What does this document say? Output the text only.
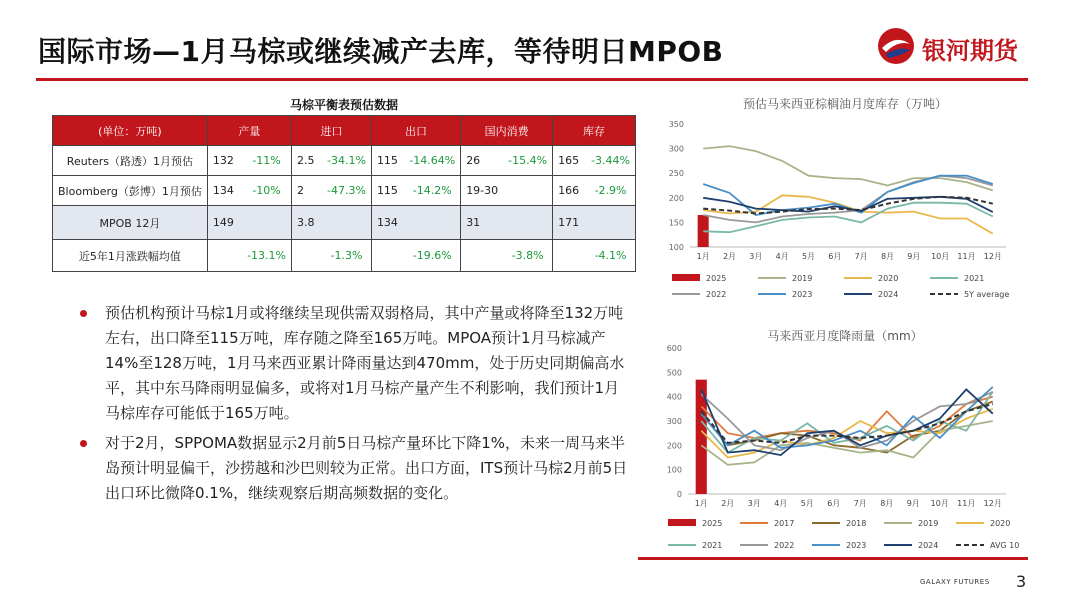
国际市场—1月马棕或继续减产去库，等待明日MPOB	银河期货
马棕平衡表预估数据
(单位：万吨)	产量		进口		出口		国内消费		库存	
Reuters（路透）1月预估	132	-11%	2.5	-34.1%	115	-14.64%	26	-15.4%	165	-3.44%
Bloomberg（彭博）1月预估	134	-10%	2	-47.3%	115	-14.2%	19-30		166	-2.9%
MPOB 12月	149		3.8		134		31		171	
近5年1月涨跌幅均值		-13.1%		-1.3%		-19.6%		-3.8%		-4.1%
预估机构预计马棕1月或将继续呈现供需双弱格局，其中产量或将降至132万吨左右，出口降至115万吨，库存随之降至165万吨。MPOA预计1月马棕减产14%至128万吨，1月马来西亚累计降雨量达到470mm，处于历史同期偏高水平，其中东马降雨明显偏多，或将对1月马棕产量产生不利影响，我们预计1月马棕库存可能低于165万吨。
对于2月，SPPOMA数据显示2月前5日马棕产量环比下降1%，未来一周马来半岛预计明显偏干，沙捞越和沙巴则较为正常。出口方面，ITS预计马棕2月前5日出口环比微降0.1%，继续观察后期高频数据的变化。
预估马来西亚棕榈油月度库存（万吨）
100
150
200
250
300
350
1月 2月 3月 4月 5月 6月 7月 8月 9月 10月 11月 12月
2025	2019	2020	2021
2022	2023	2024	5Y average
马来西亚月度降雨量（mm）
0
100
200
300
400
500
600
1月 2月 3月 4月 5月 6月 7月 8月 9月 10月 11月 12月
2025	2017	2018	2019	2020
2021	2022	2023	2024	AVG 10
GALAXY FUTURES 3
